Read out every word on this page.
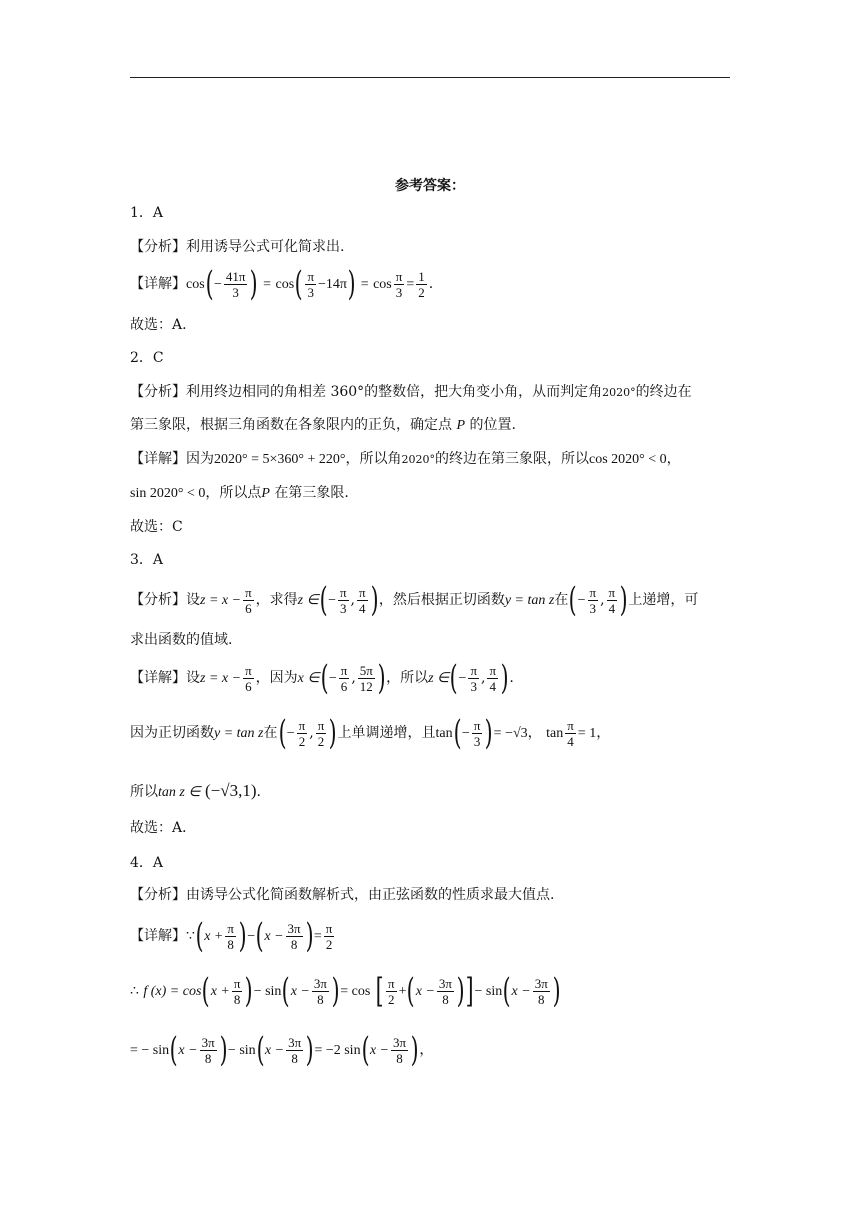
参考答案：
1．A
【分析】利用诱导公式可化简求出.
【详解】$\cos(- \frac{41\pi}{3}$ ) = $\cos( \frac{\pi}{3} -14\pi) = \cos \frac{\pi}{3} = \frac{1}{2}$ .
故选：A.
2．C
【分析】利用终边相同的角相差 360°的整数倍，把大角变小角，从而判定角2020°的终边在
第三象限，根据三角函数在各象限内的正负，确定点 P 的位置.
【详解】因为2020° = 5×360° + 220°，所以角2020°的终边在第三象限，所以cos 2020° < 0，
sin 2020° < 0，所以点P 在第三象限.
故选：C
3．A
【分析】设$z = x - \frac{\pi}{6}$ ，求得z ∈(− $\frac{\pi}{3}$ , $\frac{\pi}{4}$ )，然后根据正切函数y = tan z在(− $\frac{\pi}{3}$ , $\frac{\pi}{4}$ )上递增，可
求出函数的值域.
【详解】设$z = x - \frac{\pi}{6}$ ，因为x ∈(− $\frac{\pi}{6}$ , $\frac{5\pi}{12}$ )，所以z ∈(− $\frac{\pi}{3}$ , $\frac{\pi}{4}$ ).
因为正切函数y = tan z在(− $\frac{\pi}{2}$ , $\frac{\pi}{2}$ )上单调递增，且$\tan(- \frac{\pi}{3}$ )= −√3， $\tan \frac{\pi}{4} = 1$，
所以tan z ∈ (−√3,1).
故选：A．
4．A
【分析】由诱导公式化简函数解析式，由正弦函数的性质求最大值点.
【详解】∵(x + $\frac{\pi}{8} )-(x - \frac{3\pi}{8}$ )= $\frac{\pi}{2}$
∴ f $(x) = \cos(x + \frac{\pi}{8}$ )− $\sin(x - \frac{3\pi}{8}$ )= cos [ $\frac{\pi}{2} +(x - \frac{3\pi}{8}$ )]− $\sin(x - \frac{3\pi}{8}$ )
= − $\sin(x - \frac{3\pi}{8}$ )− $\sin(x - \frac{3\pi}{8}$ )= −2 $\sin(x - \frac{3\pi}{8}$ )，
